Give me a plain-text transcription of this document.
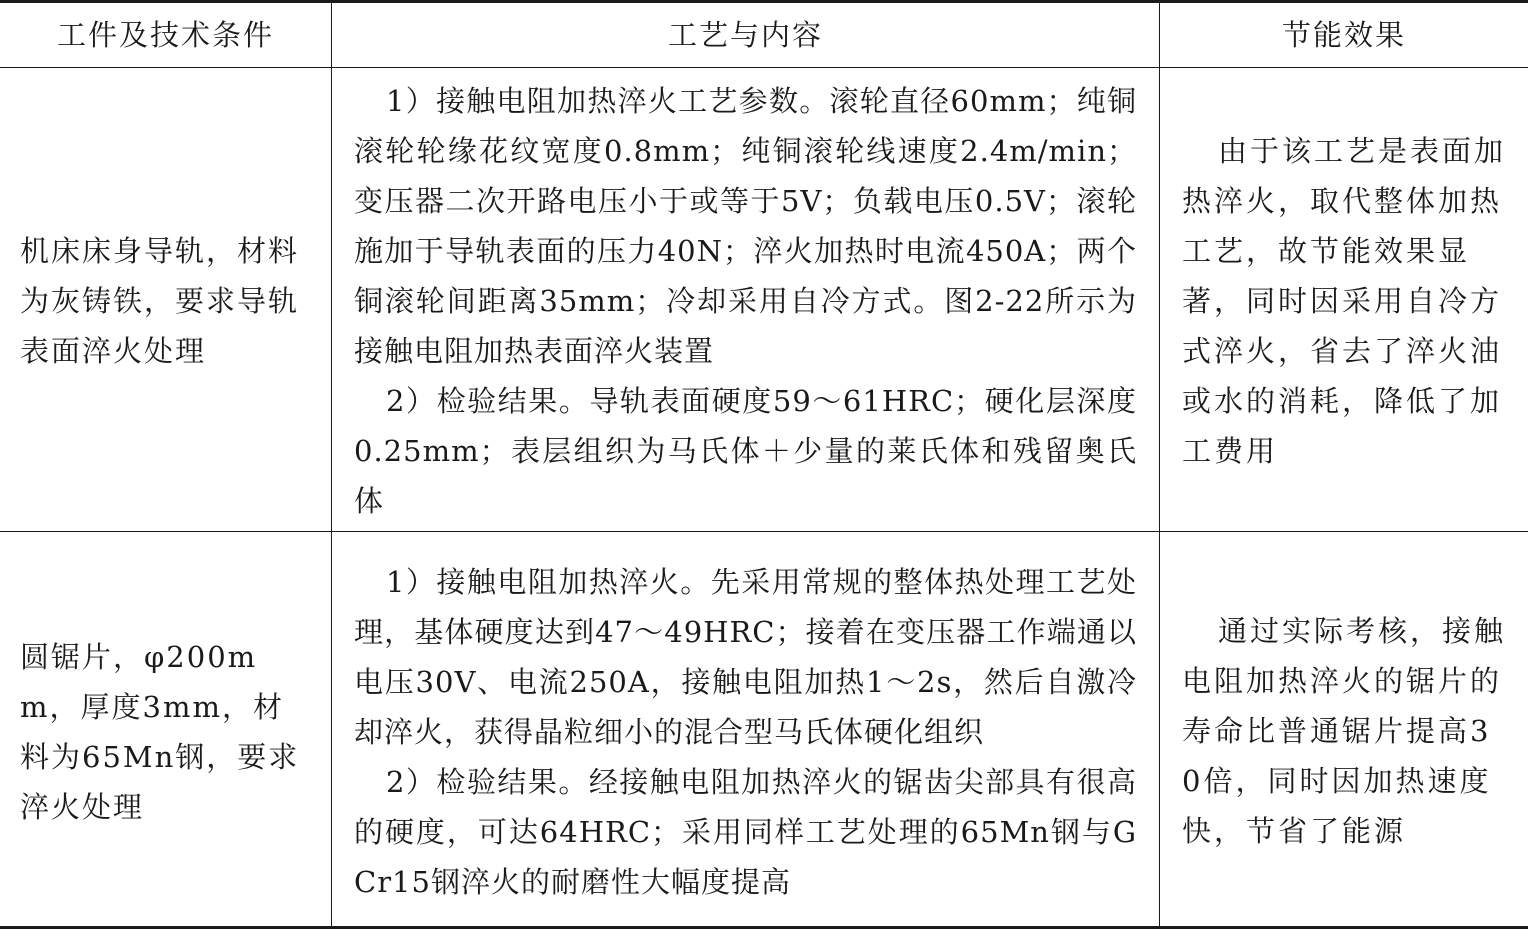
工件及技术条件	工艺与内容	节能效果
机床床身导轨，材料为灰铸铁，要求导轨表面淬火处理
1）接触电阻加热淬火工艺参数。滚轮直径60mm；纯铜滚轮轮缘花纹宽度0.8mm；纯铜滚轮线速度2.4m/min；变压器二次开路电压小于或等于5V；负载电压0.5V；滚轮施加于导轨表面的压力40N；淬火加热时电流450A；两个铜滚轮间距离35mm；冷却采用自冷方式。图2-22所示为接触电阻加热表面淬火装置
2）检验结果。导轨表面硬度59～61HRC；硬化层深度0.25mm；表层组织为马氏体＋少量的莱氏体和残留奥氏体
由于该工艺是表面加热淬火，取代整体加热工艺，故节能效果显著，同时因采用自冷方式淬火，省去了淬火油或水的消耗，降低了加工费用
圆锯片，φ200mm，厚度3mm，材料为65Mn钢，要求淬火处理
1）接触电阻加热淬火。先采用常规的整体热处理工艺处理，基体硬度达到47～49HRC；接着在变压器工作端通以电压30V、电流250A，接触电阻加热1～2s，然后自激冷却淬火，获得晶粒细小的混合型马氏体硬化组织
2）检验结果。经接触电阻加热淬火的锯齿尖部具有很高的硬度，可达64HRC；采用同样工艺处理的65Mn钢与GCr15钢淬火的耐磨性大幅度提高
通过实际考核，接触电阻加热淬火的锯片的寿命比普通锯片提高30倍，同时因加热速度快，节省了能源
